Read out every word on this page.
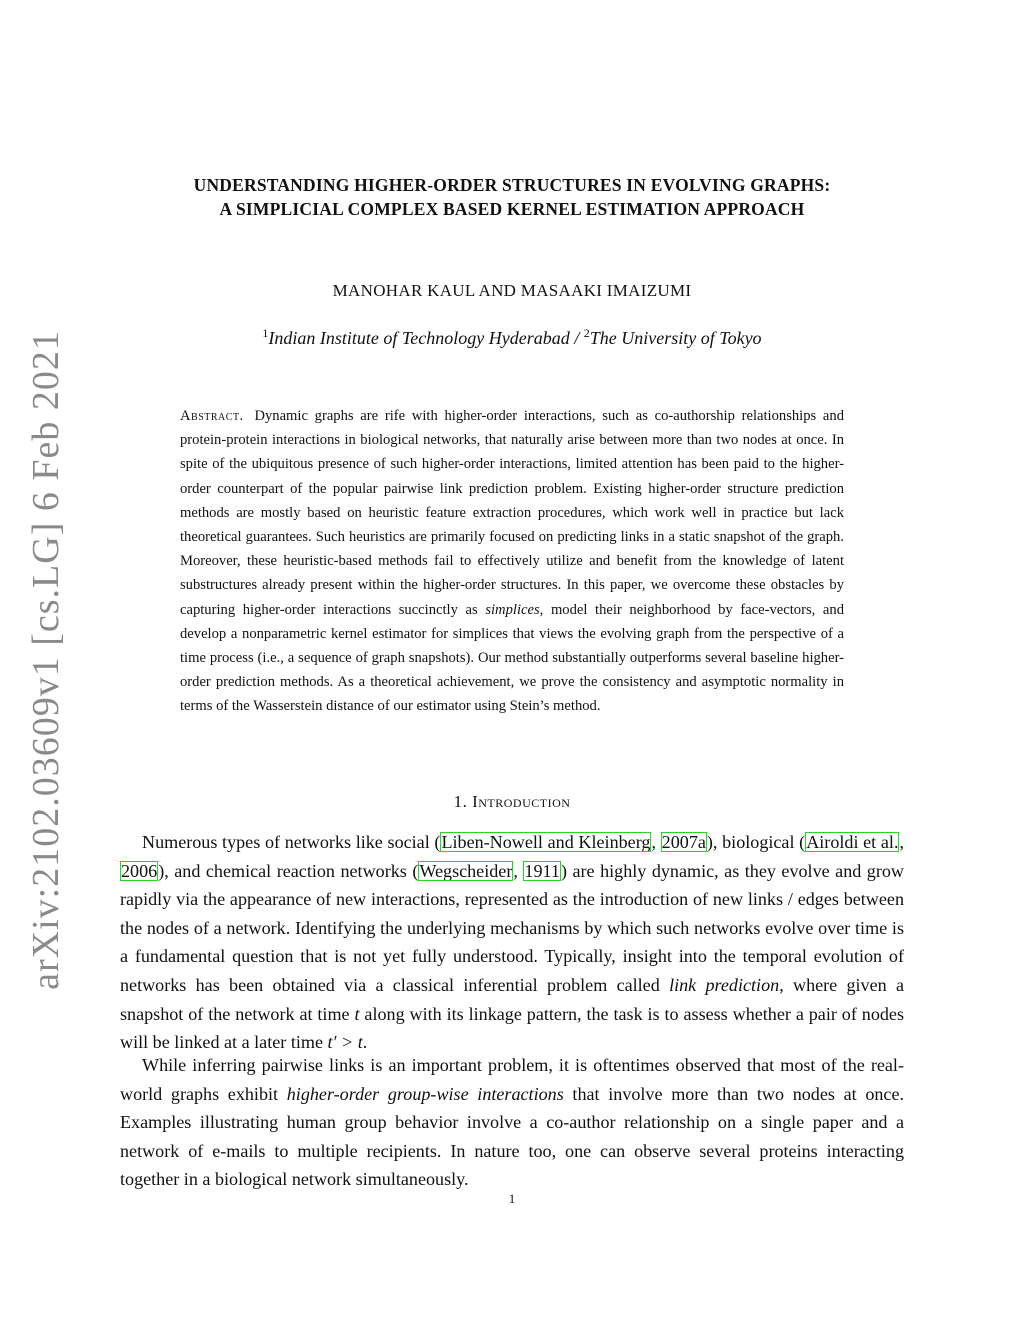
arXiv:2102.03609v1 [cs.LG] 6 Feb 2021
UNDERSTANDING HIGHER-ORDER STRUCTURES IN EVOLVING GRAPHS:
A SIMPLICIAL COMPLEX BASED KERNEL ESTIMATION APPROACH
MANOHAR KAUL AND MASAAKI IMAIZUMI
$^1$Indian Institute of Technology Hyderabad / $^2$The University of Tokyo
Abstract. Dynamic graphs are rife with higher-order interactions, such as co-authorship relationships and protein-protein interactions in biological networks, that naturally arise between more than two nodes at once. In spite of the ubiquitous presence of such higher-order interactions, limited attention has been paid to the higher-order counterpart of the popular pairwise link prediction problem. Existing higher-order structure prediction methods are mostly based on heuristic feature extraction procedures, which work well in practice but lack theoretical guarantees. Such heuristics are primarily focused on predicting links in a static snapshot of the graph. Moreover, these heuristic-based methods fail to effectively utilize and benefit from the knowledge of latent substructures already present within the higher-order structures. In this paper, we overcome these obstacles by capturing higher-order interactions succinctly as simplices, model their neighborhood by face-vectors, and develop a nonparametric kernel estimator for simplices that views the evolving graph from the perspective of a time process (i.e., a sequence of graph snapshots). Our method substantially outperforms several baseline higher-order prediction methods. As a theoretical achievement, we prove the consistency and asymptotic normality in terms of the Wasserstein distance of our estimator using Stein’s method.
1. Introduction
Numerous types of networks like social (Liben-Nowell and Kleinberg, 2007a), biological (Airoldi et al., 2006), and chemical reaction networks (Wegscheider, 1911) are highly dynamic, as they evolve and grow rapidly via the appearance of new interactions, represented as the introduction of new links / edges between the nodes of a network. Identifying the underlying mechanisms by which such networks evolve over time is a fundamental question that is not yet fully understood. Typically, insight into the temporal evolution of networks has been obtained via a classical inferential problem called link prediction, where given a snapshot of the network at time t along with its linkage pattern, the task is to assess whether a pair of nodes will be linked at a later time t′ > t.
While inferring pairwise links is an important problem, it is oftentimes observed that most of the real-world graphs exhibit higher-order group-wise interactions that involve more than two nodes at once. Examples illustrating human group behavior involve a co-author relationship on a single paper and a network of e-mails to multiple recipients. In nature too, one can observe several proteins interacting together in a biological network simultaneously.
1
